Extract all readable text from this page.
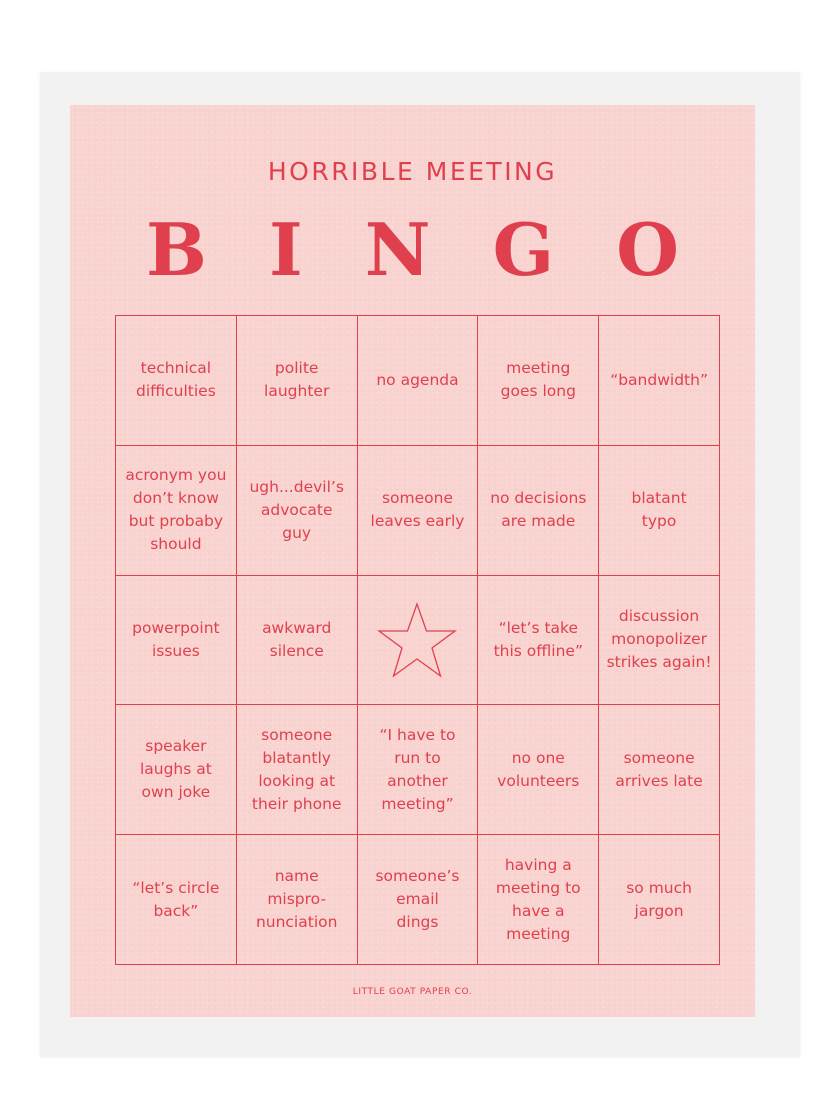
HORRIBLE MEETING
B I N G O
technical
difficulties
polite
laughter
no agenda
meeting
goes long
“bandwidth”
acronym you
don’t know
but probaby
should
ugh...devil’s
advocate
guy
someone
leaves early
no decisions
are made
blatant
typo
powerpoint
issues
awkward
silence
“let’s take
this offline”
discussion
monopolizer
strikes again!
speaker
laughs at
own joke
someone
blatantly
looking at
their phone
“I have to
run to
another
meeting”
no one
volunteers
someone
arrives late
“let’s circle
back”
name
mispro-
nunciation
someone’s
email
dings
having a
meeting to
have a
meeting
so much
jargon
LITTLE GOAT PAPER CO.
